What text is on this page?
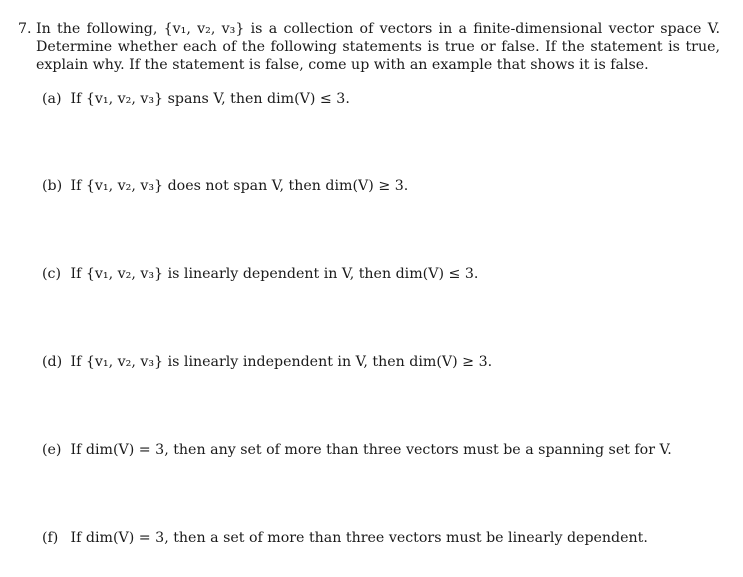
7. In the following, {v₁, v₂, v₃} is a collection of vectors in a finite-dimensional vector space V. Determine whether each of the following statements is true or false. If the statement is true, explain why. If the statement is false, come up with an example that shows it is false.
(a) If {v₁, v₂, v₃} spans V, then dim(V) ≤ 3.
(b) If {v₁, v₂, v₃} does not span V, then dim(V) ≥ 3.
(c) If {v₁, v₂, v₃} is linearly dependent in V, then dim(V) ≤ 3.
(d) If {v₁, v₂, v₃} is linearly independent in V, then dim(V) ≥ 3.
(e) If dim(V) = 3, then any set of more than three vectors must be a spanning set for V.
(f) If dim(V) = 3, then a set of more than three vectors must be linearly dependent.
